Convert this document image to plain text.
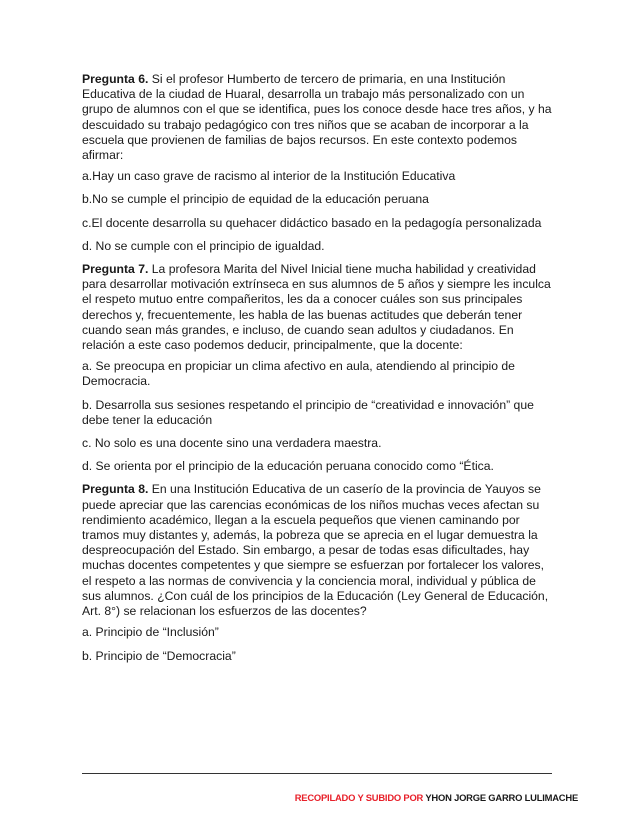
Pregunta 6. Si el profesor Humberto de tercero de primaria, en una Institución Educativa de la ciudad de Huaral, desarrolla un trabajo más personalizado con un grupo de alumnos con el que se identifica, pues los conoce desde hace tres años, y ha descuidado su trabajo pedagógico con tres niños que se acaban de incorporar a la escuela que provienen de familias de bajos recursos. En este contexto podemos afirmar:

a.Hay un caso grave de racismo al interior de la Institución Educativa

b.No se cumple el principio de equidad de la educación peruana

c.El docente desarrolla su quehacer didáctico basado en la pedagogía personalizada

d. No se cumple con el principio de igualdad.

Pregunta 7. La profesora Marita del Nivel Inicial tiene mucha habilidad y creatividad para desarrollar motivación extrínseca en sus alumnos de 5 años y siempre les inculca el respeto mutuo entre compañeritos, les da a conocer cuáles son sus principales derechos y, frecuentemente, les habla de las buenas actitudes que deberán tener cuando sean más grandes, e incluso, de cuando sean adultos y ciudadanos. En relación a este caso podemos deducir, principalmente, que la docente:

a. Se preocupa en propiciar un clima afectivo en aula, atendiendo al principio de Democracia.

b. Desarrolla sus sesiones respetando el principio de “creatividad e innovación” que debe tener la educación

c. No solo es una docente sino una verdadera maestra.

d. Se orienta por el principio de la educación peruana conocido como “Ética.

Pregunta 8. En una Institución Educativa de un caserío de la provincia de Yauyos se puede apreciar que las carencias económicas de los niños muchas veces afectan su rendimiento académico, llegan a la escuela pequeños que vienen caminando por tramos muy distantes y, además, la pobreza que se aprecia en el lugar demuestra la despreocupación del Estado. Sin embargo, a pesar de todas esas dificultades, hay muchas docentes competentes y que siempre se esfuerzan por fortalecer los valores, el respeto a las normas de convivencia y la conciencia moral, individual y pública de sus alumnos. ¿Con cuál de los principios de la Educación (Ley General de Educación, Art. 8°) se relacionan los esfuerzos de las docentes?

a. Principio de “Inclusión”

b. Principio de “Democracia”

RECOPILADO Y SUBIDO POR YHON JORGE GARRO LULIMACHE
